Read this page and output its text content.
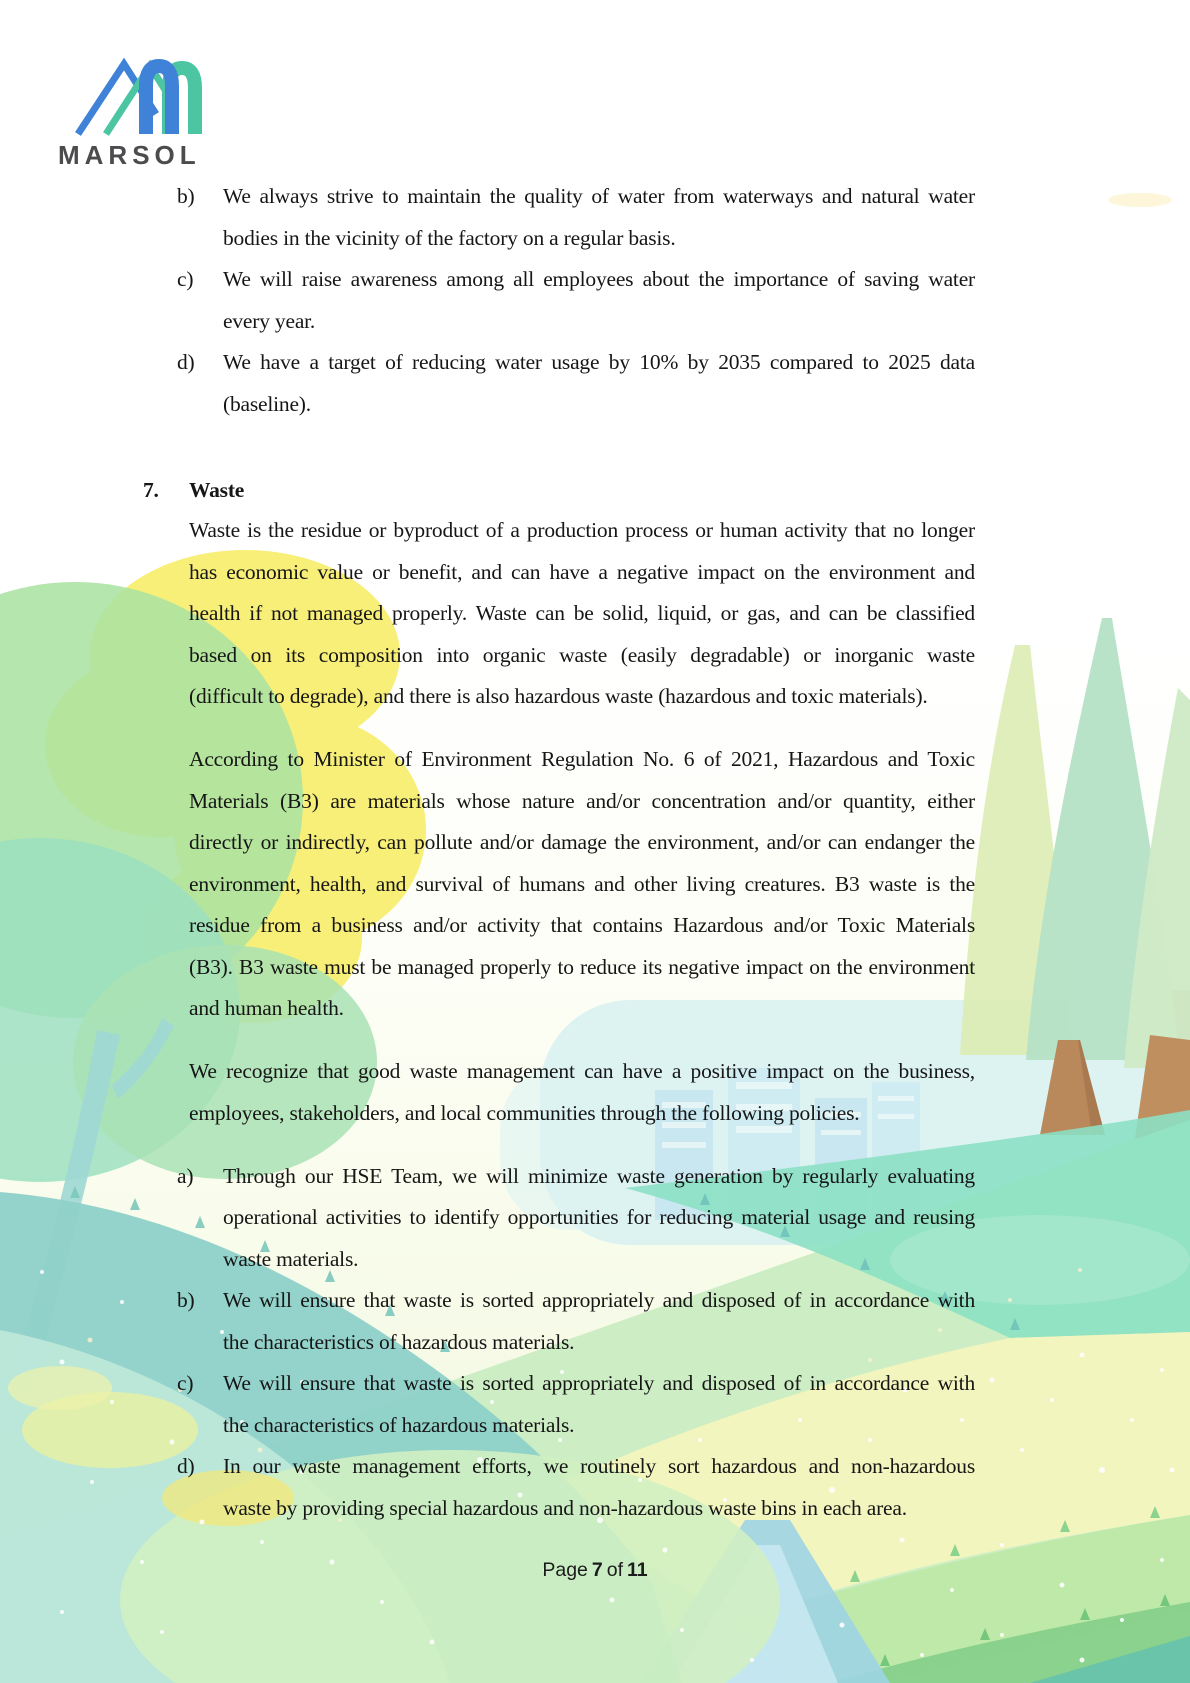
MARSOL
b)	We always strive to maintain the quality of water from waterways and natural water
bodies in the vicinity of the factory on a regular basis.
c)	We will raise awareness among all employees about the importance of saving water
every year.
d)	We have a target of reducing water usage by 10% by 2035 compared to 2025 data
(baseline).
7. Waste

Waste is the residue or byproduct of a production process or human activity that no longer
has economic value or benefit, and can have a negative impact on the environment and
health if not managed properly. Waste can be solid, liquid, or gas, and can be classified
based on its composition into organic waste (easily degradable) or inorganic waste
(difficult to degrade), and there is also hazardous waste (hazardous and toxic materials).

According to Minister of Environment Regulation No. 6 of 2021, Hazardous and Toxic
Materials (B3) are materials whose nature and/or concentration and/or quantity, either
directly or indirectly, can pollute and/or damage the environment, and/or can endanger the
environment, health, and survival of humans and other living creatures. B3 waste is the
residue from a business and/or activity that contains Hazardous and/or Toxic Materials
(B3). B3 waste must be managed properly to reduce its negative impact on the environment
and human health.

We recognize that good waste management can have a positive impact on the business,
employees, stakeholders, and local communities through the following policies.

a)	Through our HSE Team, we will minimize waste generation by regularly evaluating
operational activities to identify opportunities for reducing material usage and reusing
waste materials.
b)	We will ensure that waste is sorted appropriately and disposed of in accordance with
the characteristics of hazardous materials.
c)	We will ensure that waste is sorted appropriately and disposed of in accordance with
the characteristics of hazardous materials.
d)	In our waste management efforts, we routinely sort hazardous and non-hazardous
waste by providing special hazardous and non-hazardous waste bins in each area.
Page 7 of 11
